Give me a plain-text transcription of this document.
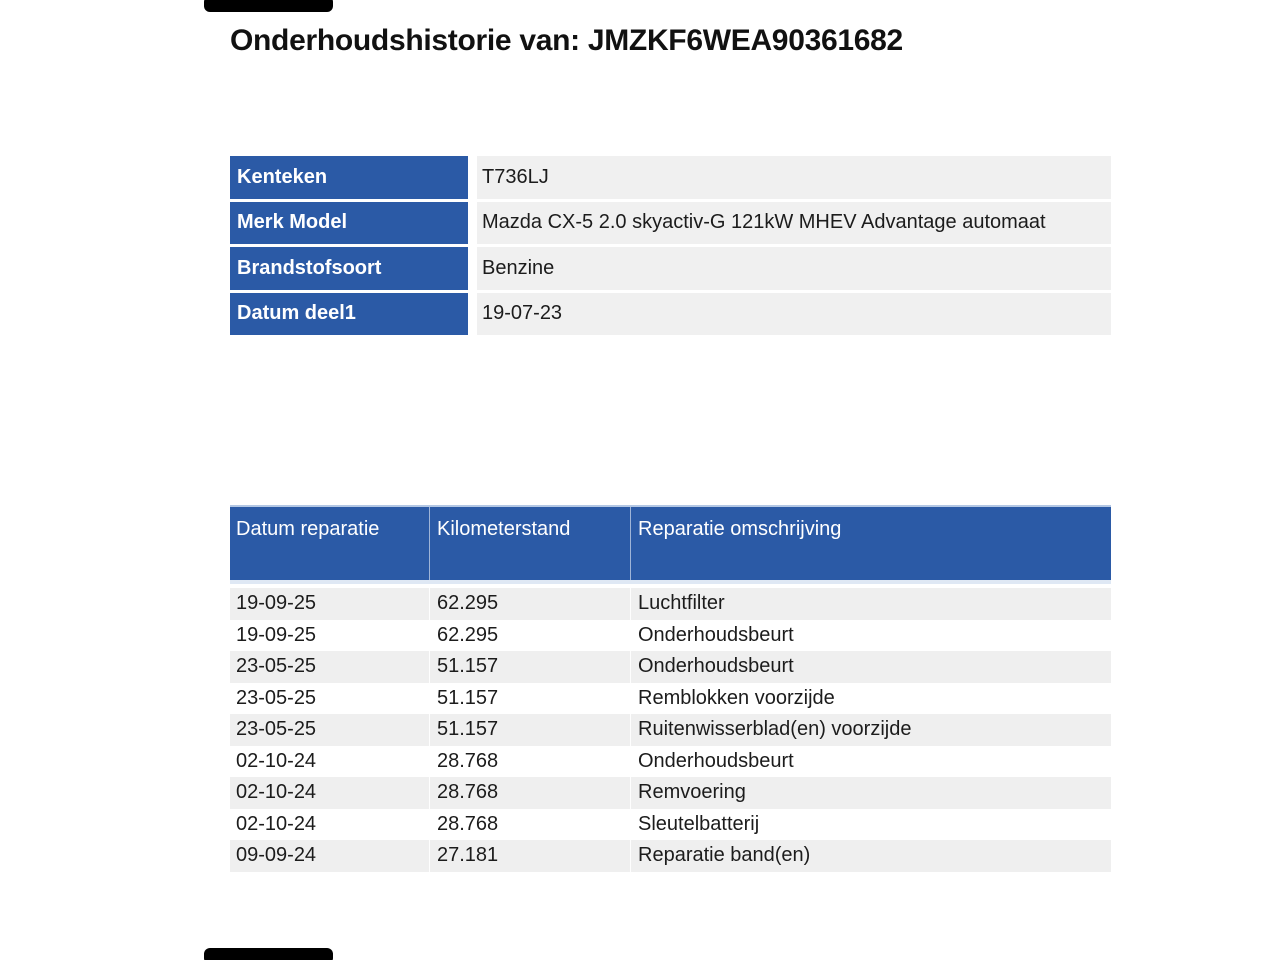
Onderhoudshistorie van: JMZKF6WEA90361682
Kenteken	T736LJ
Merk Model	Mazda CX-5 2.0 skyactiv-G 121kW MHEV Advantage automaat
Brandstofsoort	Benzine
Datum deel1	19-07-23
Datum reparatie	Kilometerstand	Reparatie omschrijving
19-09-25	62.295	Luchtfilter
19-09-25	62.295	Onderhoudsbeurt
23-05-25	51.157	Onderhoudsbeurt
23-05-25	51.157	Remblokken voorzijde
23-05-25	51.157	Ruitenwisserblad(en) voorzijde
02-10-24	28.768	Onderhoudsbeurt
02-10-24	28.768	Remvoering
02-10-24	28.768	Sleutelbatterij
09-09-24	27.181	Reparatie band(en)
